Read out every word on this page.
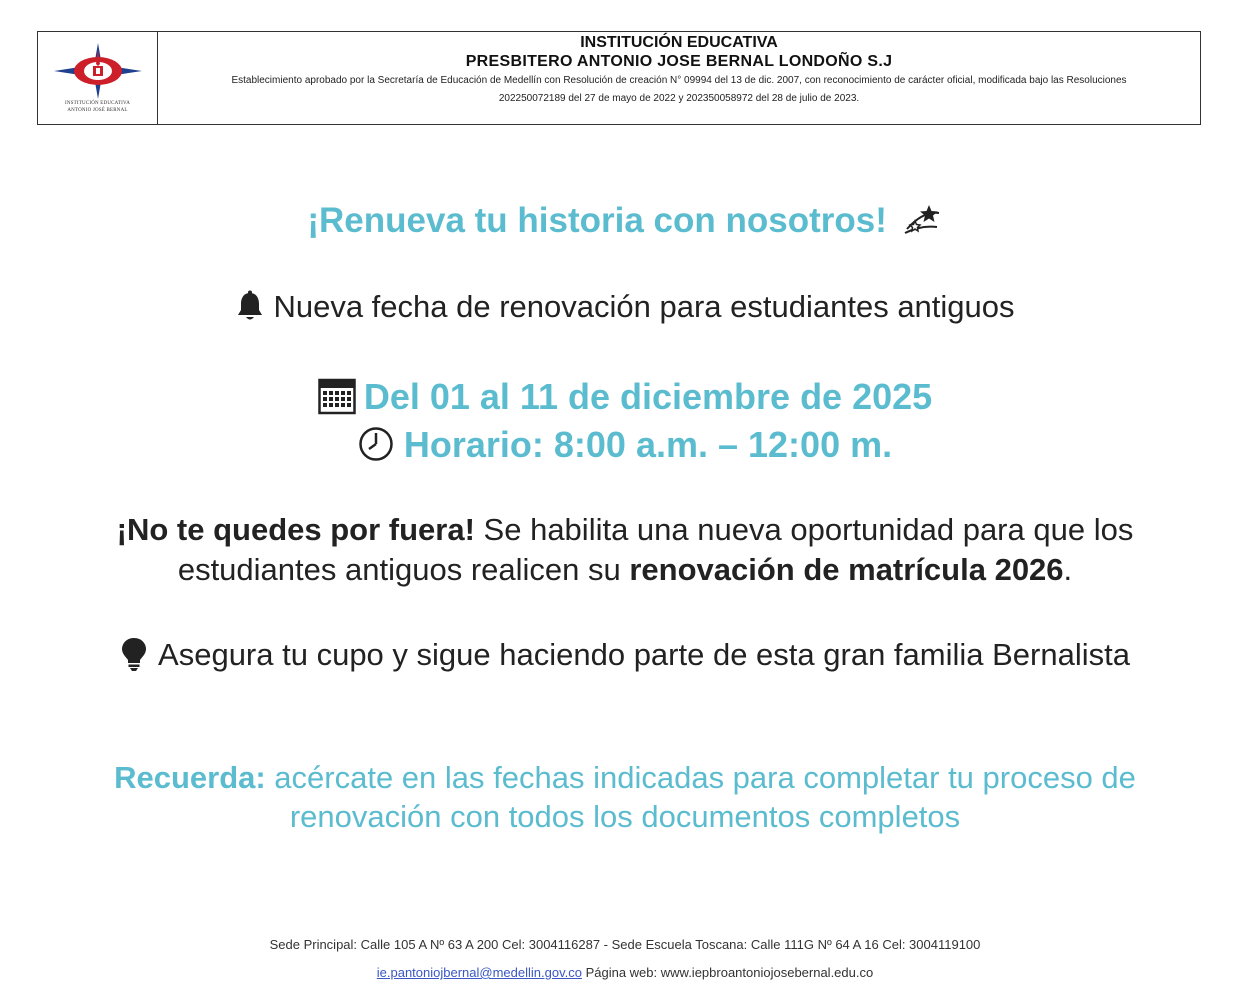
INSTITUCIÓN EDUCATIVA
ANTONIO JOSÉ BERNAL
INSTITUCIÓN EDUCATIVA
PRESBITERO ANTONIO JOSE BERNAL LONDOÑO S.J
Establecimiento aprobado por la Secretaría de Educación de Medellín con Resolución de creación N° 09994 del 13 de dic. 2007, con reconocimiento de carácter oficial, modificada bajo las Resoluciones
202250072189 del 27 de mayo de 2022 y 202350058972 del 28 de julio de 2023.
¡Renueva tu historia con nosotros!
Nueva fecha de renovación para estudiantes antiguos
Del 01 al 11 de diciembre de 2025
Horario: 8:00 a.m. – 12:00 m.
¡No te quedes por fuera! Se habilita una nueva oportunidad para que los
estudiantes antiguos realicen su renovación de matrícula 2026.
Asegura tu cupo y sigue haciendo parte de esta gran familia Bernalista
Recuerda: acércate en las fechas indicadas para completar tu proceso de
renovación con todos los documentos completos
Sede Principal: Calle 105 A Nº 63 A 200 Cel: 3004116287 - Sede Escuela Toscana: Calle 111G Nº 64 A 16 Cel: 3004119100
ie.pantoniojbernal@medellin.gov.co Página web: www.iepbroantoniojosebernal.edu.co
